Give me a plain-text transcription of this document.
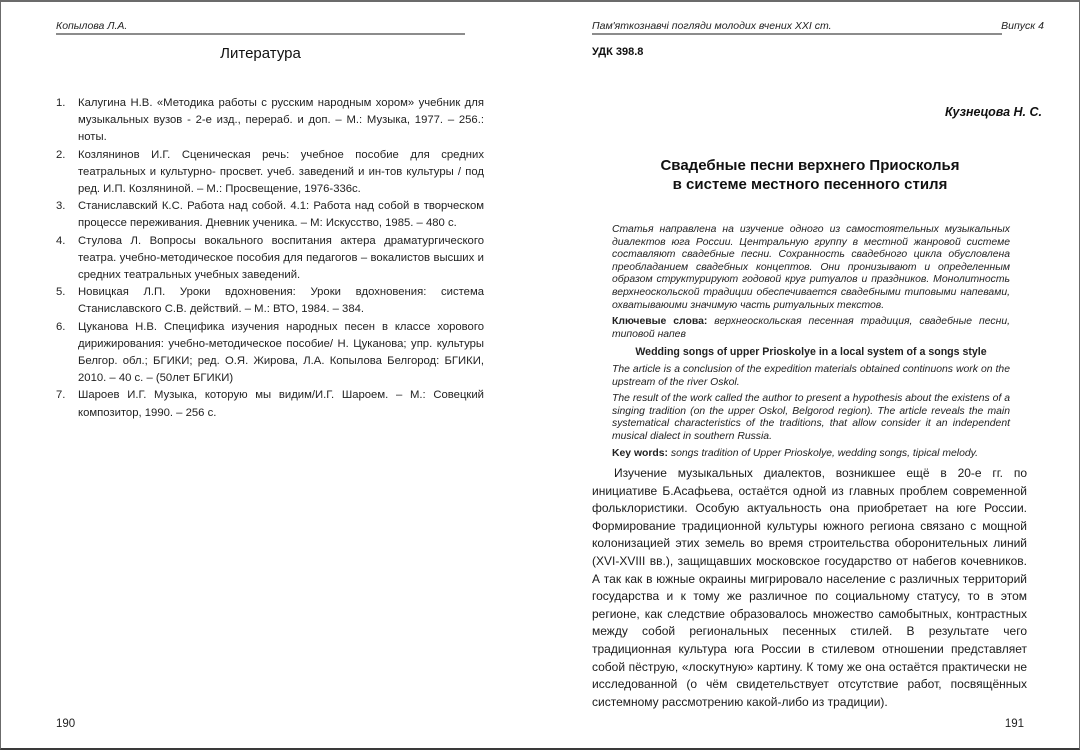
Копылова Л.А.
Литература
1. Калугина Н.В. «Методика работы с русским народным хором» учебник для музыкальных вузов - 2-е изд., перераб. и доп. – М.: Музыка, 1977. – 256.: ноты.
2. Козлянинов И.Г. Сценическая речь: учебное пособие для средних театральных и культурно- просвет. учеб. заведений и ин-тов культуры / под ред. И.П. Козляниной. – М.: Просвещение, 1976-336с.
3. Станиславский К.С. Работа над собой. 4.1: Работа над собой в творческом процессе переживания. Дневник ученика. – М: Искусство, 1985. – 480 с.
4. Стулова Л. Вопросы вокального воспитания актера драматургического театра. учебно-методическое пособия для педагогов – вокалистов высших и средних театральных учебных заведений.
5. Новицкая Л.П. Уроки вдохновения: Уроки вдохновения: система Станиславского С.В. действий. – М.: ВТО, 1984. – 384.
6. Цуканова Н.В. Специфика изучения народных песен в классе хорового дирижирования: учебно-методическое пособие/ Н. Цуканова; упр. культуры Белгор. обл.; БГИКИ; ред. О.Я. Жирова, Л.А. Копылова Белгород: БГИКИ, 2010. – 40 с. – (50лет БГИКИ)
7. Шароев И.Г. Музыка, которую мы видим/И.Г. Шароем. – М.: Совецкий композитор, 1990. – 256 с.
190
Пам'яткознавчі погляди молодих вчених XXI ст.	Випуск 4
УДК 398.8
Кузнецова Н. С.
Свадебные песни верхнего Приосколья
в системе местного песенного стиля

Статья направлена на изучение одного из самостоятельных музыкальных диалектов юга России. Центральную группу в местной жанровой системе составляют свадебные песни. Сохранность свадебного цикла обусловлена преобладанием свадебных концептов. Они пронизывают и определенным образом структурируют годовой круг ритуалов и праздников. Монолитность верхнеоскольской традиции обеспечивается свадебными типовыми напевами, охватываюими значимую часть ритуальных текстов.

Ключевые слова: верхнеоскольская песенная традиция, свадебные песни, типовой напев

Wedding songs of upper Prioskolye in a local system of a songs style

The article is a conclusion of the expedition materials obtained continuons work on the upstream of the river Oskol.

The result of the work called the author to present a hypothesis about the existens of a singing tradition (on the upper Oskol, Belgorod region). The article reveals the main systematical characteristics of the traditions, that allow consider it an independent musical dialect in southern Russia.

Key words: songs tradition of Upper Prioskolye, wedding songs, tipical melody.

Изучение музыкальных диалектов, возникшее ещё в 20-е гг. по инициативе Б.Асафьева, остаётся одной из главных проблем современной фольклористики. Особую актуальность она приобретает на юге России. Формирование традиционной культуры южного региона связано с мощной колонизацией этих земель во время строительства оборонительных линий (XVI-XVIII вв.), защищавших московское государство от набегов кочевников. А так как в южные окраины мигрировало население с различных территорий государства и к тому же различное по социальному статусу, то в этом регионе, как следствие образовалось множество самобытных, контрастных между собой региональных песенных стилей. В результате чего традиционная культура юга России в стилевом отношении представляет собой пёструю, «лоскутную» картину. К тому же она остаётся практически не исследованной (о чём свидетельствует отсутствие работ, посвящённых системному рассмотрению какой-либо из традиции).

191
